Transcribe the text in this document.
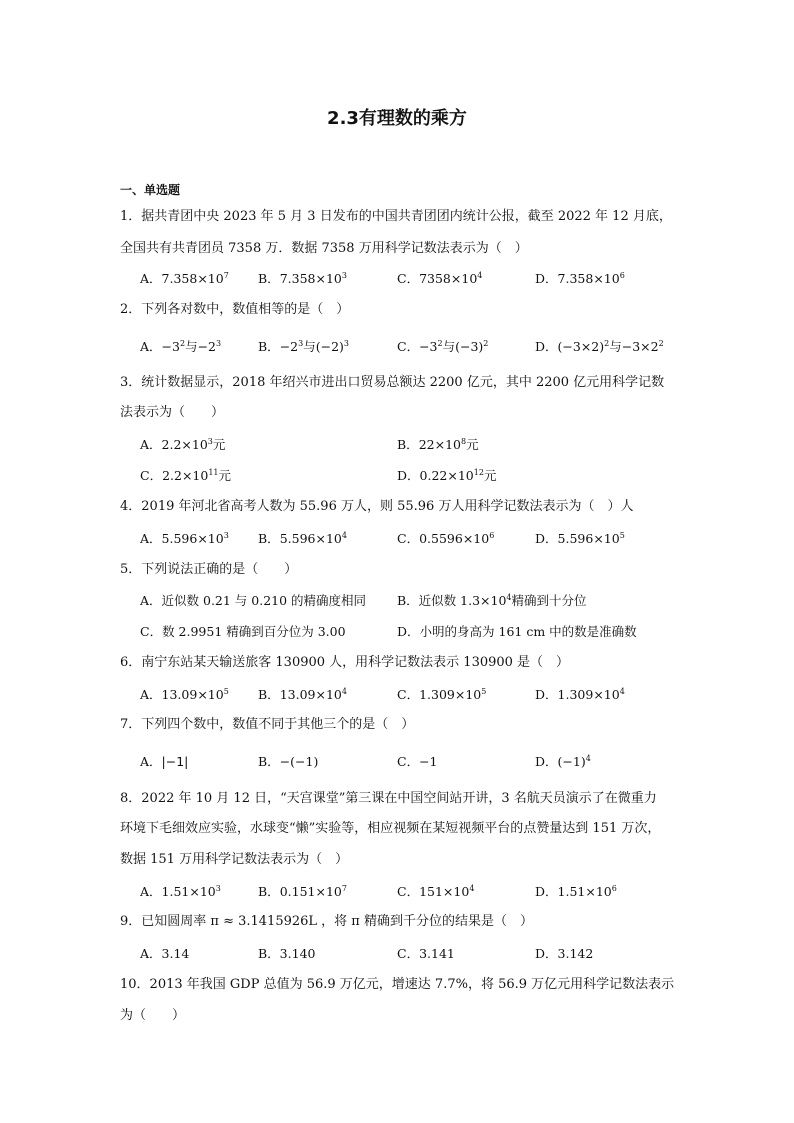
2.3有理数的乘方
一、单选题
1．据共青团中央 2023 年 5 月 3 日发布的中国共青团团内统计公报，截至 2022 年 12 月底，
全国共有共青团员 7358 万．数据 7358 万用科学记数法表示为（　）
A．$7.358\times 10^7$ B．$7.358\times 10^3$	C．$7358\times 10^4$	D．$7.358\times 10^6$
2．下列各对数中，数值相等的是（　）
A．$-3^2$与$-2^3$	B．$-2^3$与$(-2)^3$	C．$-3^2$与$(-3)^2$	D．$(-3\times 2)^2$与$-3\times 2^2$
3．统计数据显示，2018 年绍兴市进出口贸易总额达 2200 亿元，其中 2200 亿元用科学记数
法表示为（　　）
A．$2.2\times 10^3$元	B．$22\times 10^8$元
C．$2.2\times 10^{11}$元	D．$0.22\times 10^{12}$元
4．2019 年河北省高考人数为 55.96 万人，则 55.96 万人用科学记数法表示为（　）人
A．$5.596\times 10^3$ B．$5.596\times 10^4$	C．$0.5596\times 10^6$	D．$5.596\times 10^5$
5．下列说法正确的是（　　）
A．近似数 0.21 与 0.210 的精确度相同 B．近似数 $1.3\times 10^4$精确到十分位
C．数 2.9951 精确到百分位为 3.00	D．小明的身高为 161 cm 中的数是准确数
6．南宁东站某天输送旅客 130900 人，用科学记数法表示 130900 是（　）
A．$13.09\times 10^5$ B．$13.09\times 10^4$	C．$1.309\times 10^5$	D．$1.309\times 10^4$
7．下列四个数中，数值不同于其他三个的是（　）
A．|−1|	B．−(−1)	C．−1	D．$(-1)^4$
8．2022 年 10 月 12 日，“天宫课堂”第三课在中国空间站开讲，3 名航天员演示了在微重力
环境下毛细效应实验，水球变“懒”实验等，相应视频在某短视频平台的点赞量达到 151 万次，
数据 151 万用科学记数法表示为（　）
A．$1.51\times 10^3$	B．$0.151\times 10^7$	C．$151\times 10^4$	D．$1.51\times 10^6$
9．已知圆周率 π ≈ 3.1415926L ，将 π 精确到千分位的结果是（　）
A．3.14	B．3.140	C．3.141	D．3.142
10．2013 年我国 GDP 总值为 56.9 万亿元，增速达 7.7%，将 56.9 万亿元用科学记数法表示
为（　　）
